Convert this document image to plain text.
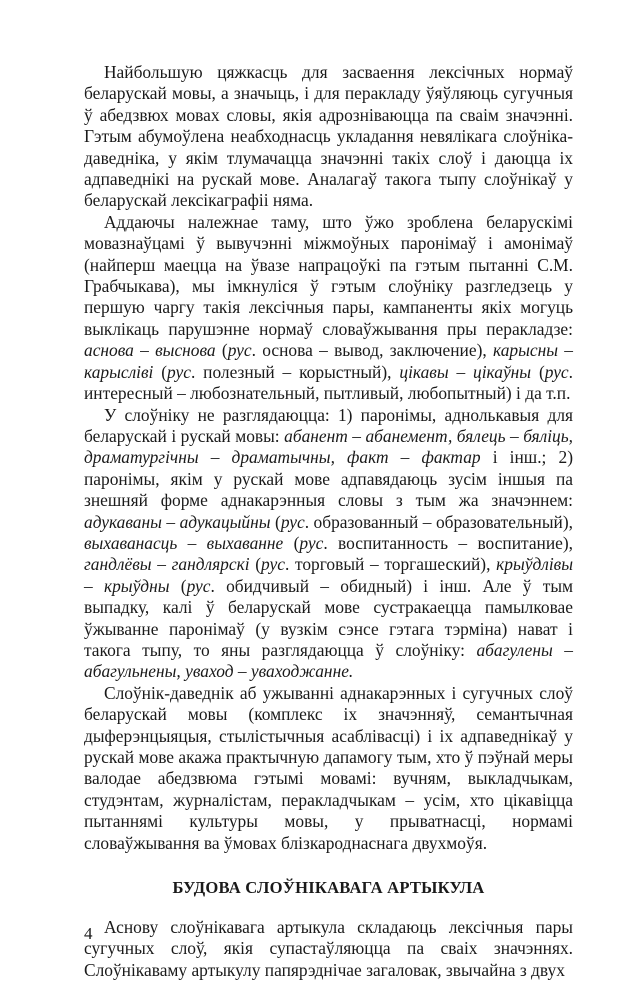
Найбольшую цяжкасць для засваення лексічных нормаў беларускай мовы, а значыць, і для перакладу ўяўляюць сугучныя ў абедзвюх мовах словы, якія адрознiваюцца па сваім значэнні. Гэтым абумоўлена неабходнасць укладання невялікага слоўніка-даведніка, у якім тлумачацца значэнні такіх слоў і даюцца іх адпаведнікі на рускай мове. Аналагаў такога тыпу слоўнікаў у беларускай лексікаграфіі няма.

Аддаючы належнае таму, што ўжо зроблена беларускімі мовазнаўцамі ў вывучэнні міжмоўных паронімаў і амонімаў (найперш маецца на ўвазе напрацоўкі па гэтым пытанні С.М. Грабчыкава), мы імкнуліся ў гэтым слоўніку разгледзець у першую чаргу такія лексічныя пары, кампаненты якіх могуць выклікаць парушэнне нормаў словаўжывання пры перакладзе: аснова – выснова (рус. основа – вывод, заключение), карысны – карысліві (рус. полезный – корыстный), цікавы – цікаўны (рус. интересный – любознательный, пытливый, любопытный) і да т.п.

У слоўніку не разглядаюцца: 1) паронімы, аднолькавыя для беларускай і рускай мовы: абанент – абанемент, бялець – бяліць, драматургічны – драматычны, факт – фактар і інш.; 2) паронімы, якім у рускай мове адпавядаюць зусім іншыя па знешняй форме аднакарэнныя словы з тым жа значэннем: адукаваны – адукацыйны (рус. образованный – образовательный), выхаванасць – выхаванне (рус. воспитанность – воспитание), гандлёвы – гандлярскі (рус. торговый – торгашеский), крыўдлівы – крыўдны (рус. обидчивый – обидный) і інш. Але ў тым выпадку, калі ў беларускай мове сустракаецца памылковае ўжыванне паронімаў (у вузкім сэнсе гэтага тэрміна) нават і такога тыпу, то яны разглядаюцца ў слоўніку: абагулены – абагульнены, уваход – уваходжанне.

Слоўнік-даведнік аб ужыванні аднакарэнных і сугучных слоў беларускай мовы (комплекс іх значэнняў, семантычная дыферэнцыяцыя, стылістычныя асаблівасці) і іх адпаведнікаў у рускай мове акажа практычную дапамогу тым, хто ў пэўнай меры валодае абедзвюма гэтымі мовамі: вучням, выкладчыкам, студэнтам, журналістам, перакладчыкам – усім, хто цікавіцца пытаннямі культуры мовы, у прыватнасці, нормамі словаўжывання ва ўмовах блізкароднаснага двухмоўя.

БУДОВА СЛОЎНІКАВАГА АРТЫКУЛА

Аснову слоўнікавага артыкула складаюць лексічныя пары сугучных слоў, якія супастаўляюцца па сваіх значэннях. Слоўнікаваму артыкулу папярэднічае загаловак, звычайна з двух

4
